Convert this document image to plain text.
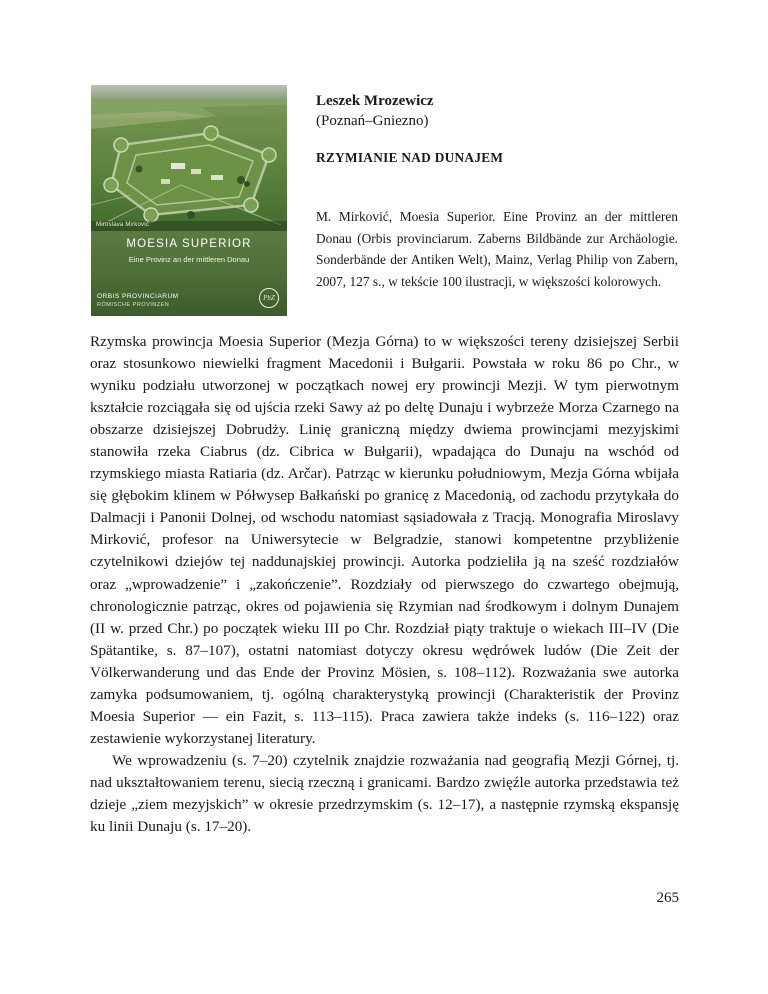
Miroslava Mirković
MOESIA SUPERIOR
Eine Provinz an der mittleren Donau
ORBIS PROVINCIARUM
RÖMISCHE PROVINZEN
PhZ
Leszek Mrozewicz
(Poznań–Gniezno)
RZYMIANIE NAD DUNAJEM
M. Mirković, Moesia Superior. Eine Provinz an der mittleren Donau (Orbis provinciarum. Zaberns Bildbände zur Archäologie. Sonderbände der Antiken Welt), Mainz, Verlag Philip von Zabern, 2007, 127 s., w tekście 100 ilustracji, w większości kolorowych.

Rzymska prowincja Moesia Superior (Mezja Górna) to w większości tereny dzisiejszej Serbii oraz stosunkowo niewielki fragment Macedonii i Bułgarii. Powstała w roku 86 po Chr., w wyniku podziału utworzonej w początkach nowej ery prowincji Mezji. W tym pierwotnym kształcie rozciągała się od ujścia rzeki Sawy aż po deltę Dunaju i wybrzeże Morza Czarnego na obszarze dzisiejszej Dobrudży. Linię graniczną między dwiema prowincjami mezyjskimi stanowiła rzeka Ciabrus (dz. Cibrica w Bułgarii), wpadająca do Dunaju na wschód od rzymskiego miasta Ratiaria (dz. Arčar). Patrząc w kierunku południowym, Mezja Górna wbijała się głębokim klinem w Półwysep Bałkański po granicę z Macedonią, od zachodu przytykała do Dalmacji i Panonii Dolnej, od wschodu natomiast sąsiadowała z Tracją. Monografia Miroslavy Mirković, profesor na Uniwersytecie w Belgradzie, stanowi kompetentne przybliżenie czytelnikowi dziejów tej naddunajskiej prowincji. Autorka podzieliła ją na sześć rozdziałów oraz „wprowadzenie” i „zakończenie”. Rozdziały od pierwszego do czwartego obejmują, chronologicznie patrząc, okres od pojawienia się Rzymian nad środkowym i dolnym Dunajem (II w. przed Chr.) po początek wieku III po Chr. Rozdział piąty traktuje o wiekach III–IV (Die Spätantike, s. 87–107), ostatni natomiast dotyczy okresu wędrówek ludów (Die Zeit der Völkerwanderung und das Ende der Provinz Mösien, s. 108–112). Rozważania swe autorka zamyka podsumowaniem, tj. ogólną charakterystyką prowincji (Charakteristik der Provinz Moesia Superior — ein Fazit, s. 113–115). Praca zawiera także indeks (s. 116–122) oraz zestawienie wykorzystanej literatury.

We wprowadzeniu (s. 7–20) czytelnik znajdzie rozważania nad geografią Mezji Górnej, tj. nad ukształtowaniem terenu, siecią rzeczną i granicami. Bardzo zwięźle autorka przedstawia też dzieje „ziem mezyjskich” w okresie przedrzymskim (s. 12–17), a następnie rzymską ekspansję ku linii Dunaju (s. 17–20).

265
